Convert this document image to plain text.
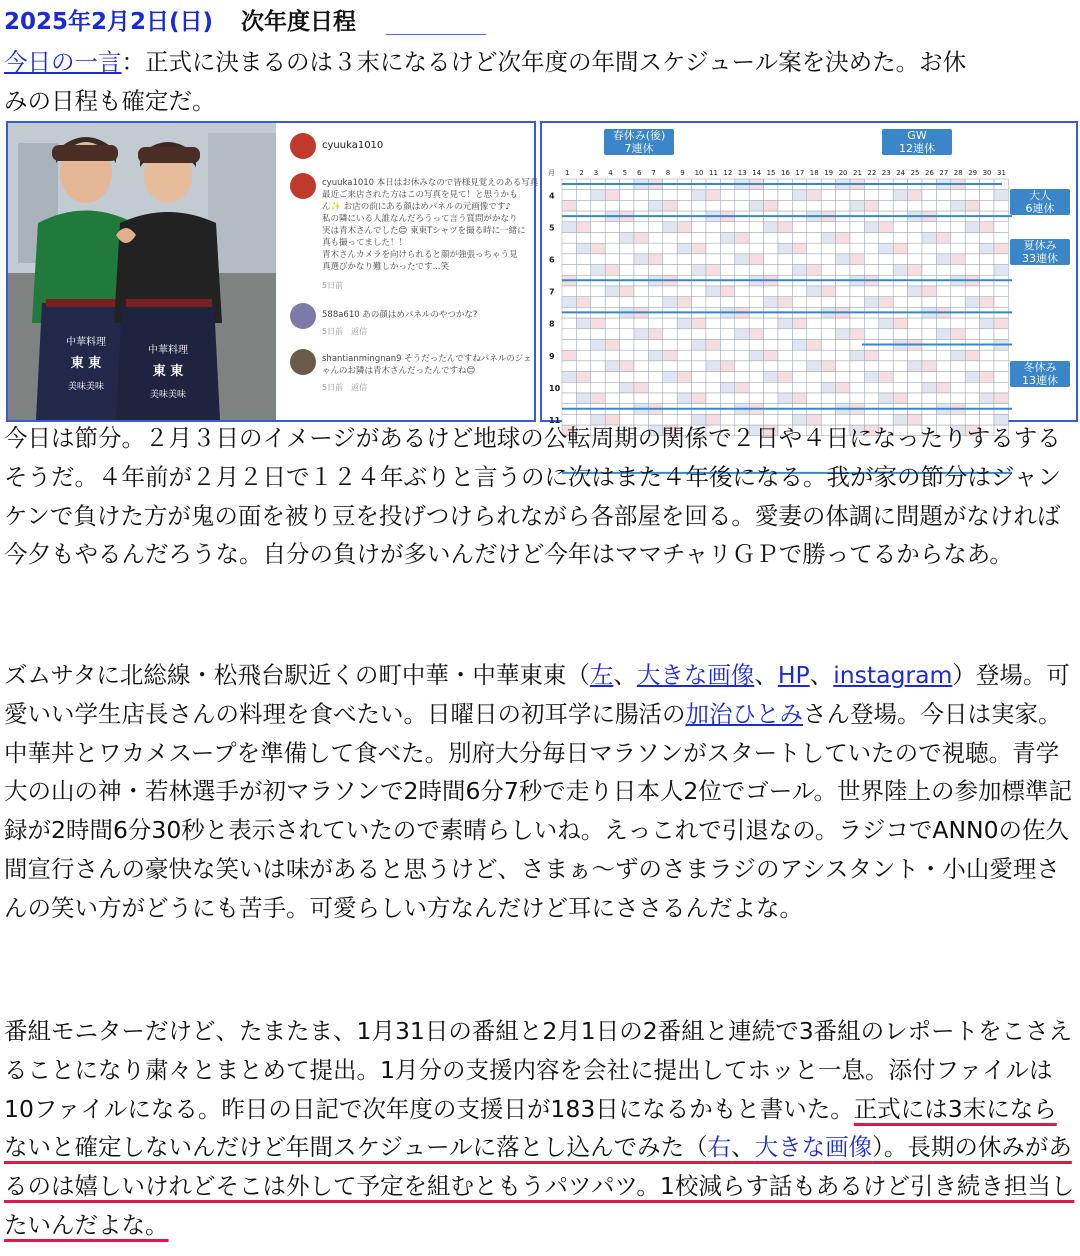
2025年2月2日(日) 次年度日程

今日の一言：正式に決まるのは３末になるけど次年度の年間スケジュール案を決めた。お休
みの日程も確定だ。

中華料理
東 東
美味美味
中華料理
東 東
美味美味
cyuuka1010
cyuuka1010 本日はお休みなので皆様見覚えのある写真
最近ご来店された方はこの写真を見て！と思うかも
ん✨ お店の前にある顔はめパネルの元画像です♪
私の隣にいる人誰なんだろうって言う質問がかなり
実は青木さんでした😊 東東Tシャツを撮る時に一緒に
真も撮ってました！！
青木さんカメラを向けられると顔が強張っちゃう見
真選びかなり難しかったです...笑
5日前
588a610 あの顔はめパネルのやつかな?
5日前　返信
shantianmingnan9 そうだったんですねパネルのジェ
ゃんのお隣は青木さんだったんですね😊
5日前　返信
月 1 2 3 4 5 6 7 8 9 10 11 12 13 14 15 16 17 18 19 20 21 22 23 24 25 26 27 28 29 30 31
4
5
6
7
8
9
10
11
春休み(後)
7連休
GW
12連休
大人
6連休
夏休み
33連休
冬休み
13連休

今日は節分。２月３日のイメージがあるけど地球の公転周期の関係で２日や４日になったりするするそうだ。４年前が２月２日で１２４年ぶりと言うのに次はまた４年後になる。我が家の節分はジャンケンで負けた方が鬼の面を被り豆を投げつけられながら各部屋を回る。愛妻の体調に問題がなければ今夕もやるんだろうな。自分の負けが多いんだけど今年はママチャリＧＰで勝ってるからなあ。

ズムサタに北総線・松飛台駅近くの町中華・中華東東（左、大きな画像、HP、instagram）登場。可愛いい学生店長さんの料理を食べたい。日曜日の初耳学に腸活の加治ひとみさん登場。今日は実家。中華丼とワカメスープを準備して食べた。別府大分毎日マラソンがスタートしていたので視聴。青学大の山の神・若林選手が初マラソンで2時間6分7秒で走り日本人2位でゴール。世界陸上の参加標準記録が2時間6分30秒と表示されていたので素晴らしいね。えっこれで引退なの。ラジコでANN0の佐久間宣行さんの豪快な笑いは味があると思うけど、さまぁ～ずのさまラジのアシスタント・小山愛理さんの笑い方がどうにも苦手。可愛らしい方なんだけど耳にささるんだよな。

番組モニターだけど、たまたま、1月31日の番組と2月1日の2番組と連続で3番組のレポートをこさえることになり粛々とまとめて提出。1月分の支援内容を会社に提出してホッと一息。添付ファイルは10ファイルになる。昨日の日記で次年度の支援日が183日になるかもと書いた。正式には3末にならないと確定しないんだけど年間スケジュールに落とし込んでみた（右、大きな画像）。長期の休みがあるのは嬉しいけれどそこは外して予定を組むともうパツパツ。1校減らす話もあるけど引き続き担当したいんだよな。
